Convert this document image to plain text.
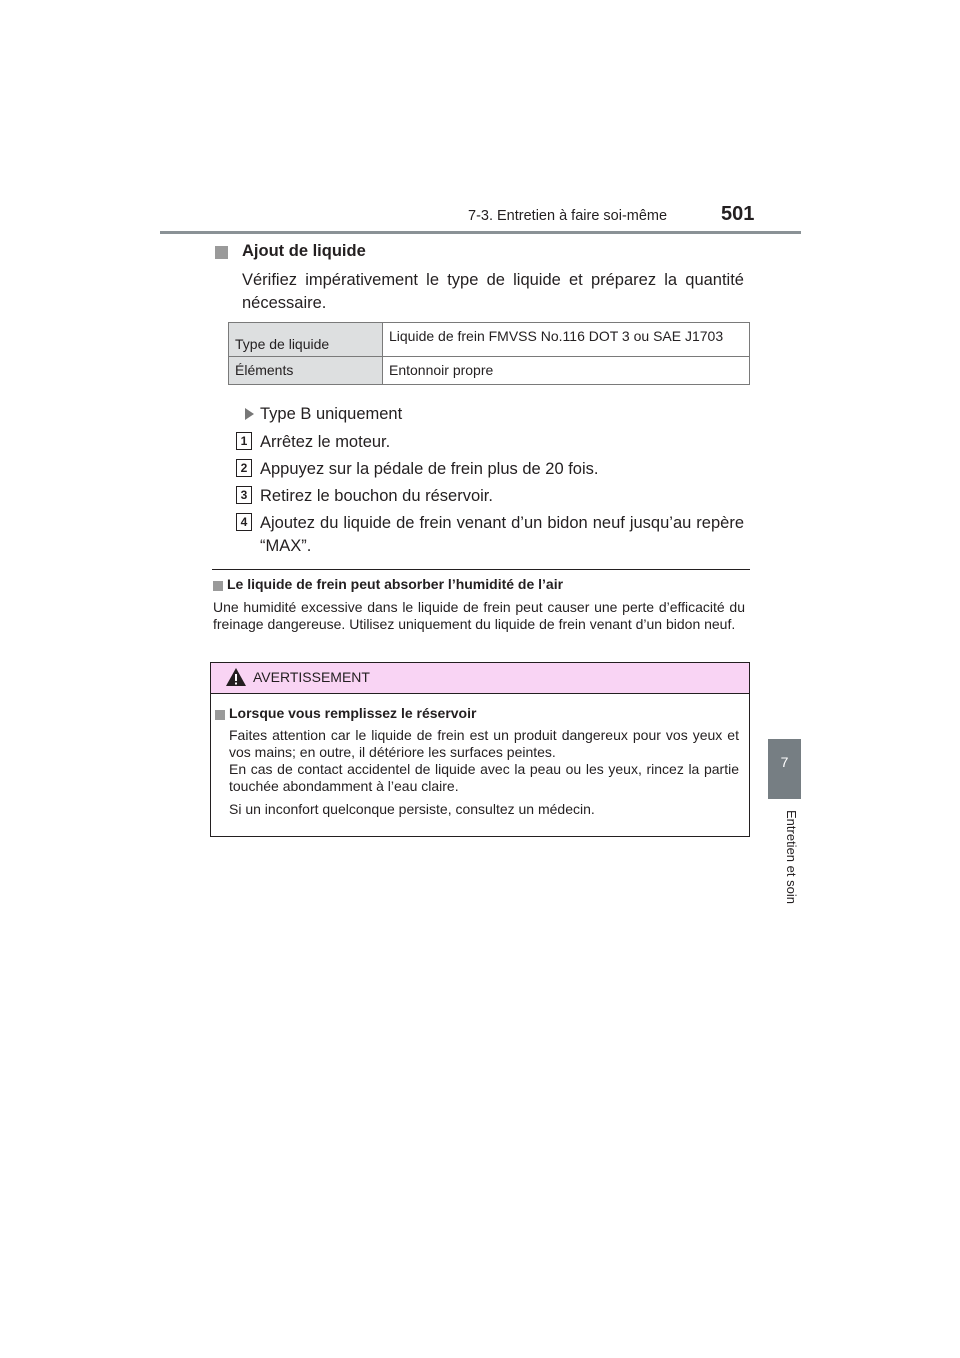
7-3. Entretien à faire soi-même	501
7
Entretien et soin
Ajout de liquide
Vérifiez impérativement le type de liquide et préparez la quantité nécessaire.
Type de liquide	Liquide de frein FMVSS No.116 DOT 3 ou SAE J1703
Éléments	Entonnoir propre
Type B uniquement
1 Arrêtez le moteur.
2 Appuyez sur la pédale de frein plus de 20 fois.
3 Retirez le bouchon du réservoir.
4 Ajoutez du liquide de frein venant d’un bidon neuf jusqu’au repère “MAX”.
Le liquide de frein peut absorber l’humidité de l’air
Une humidité excessive dans le liquide de frein peut causer une perte d’efficacité du freinage dangereuse. Utilisez uniquement du liquide de frein venant d’un bidon neuf.
AVERTISSEMENT
Lorsque vous remplissez le réservoir
Faites attention car le liquide de frein est un produit dangereux pour vos yeux et vos mains; en outre, il détériore les surfaces peintes.
En cas de contact accidentel de liquide avec la peau ou les yeux, rincez la partie touchée abondamment à l’eau claire.
Si un inconfort quelconque persiste, consultez un médecin.
